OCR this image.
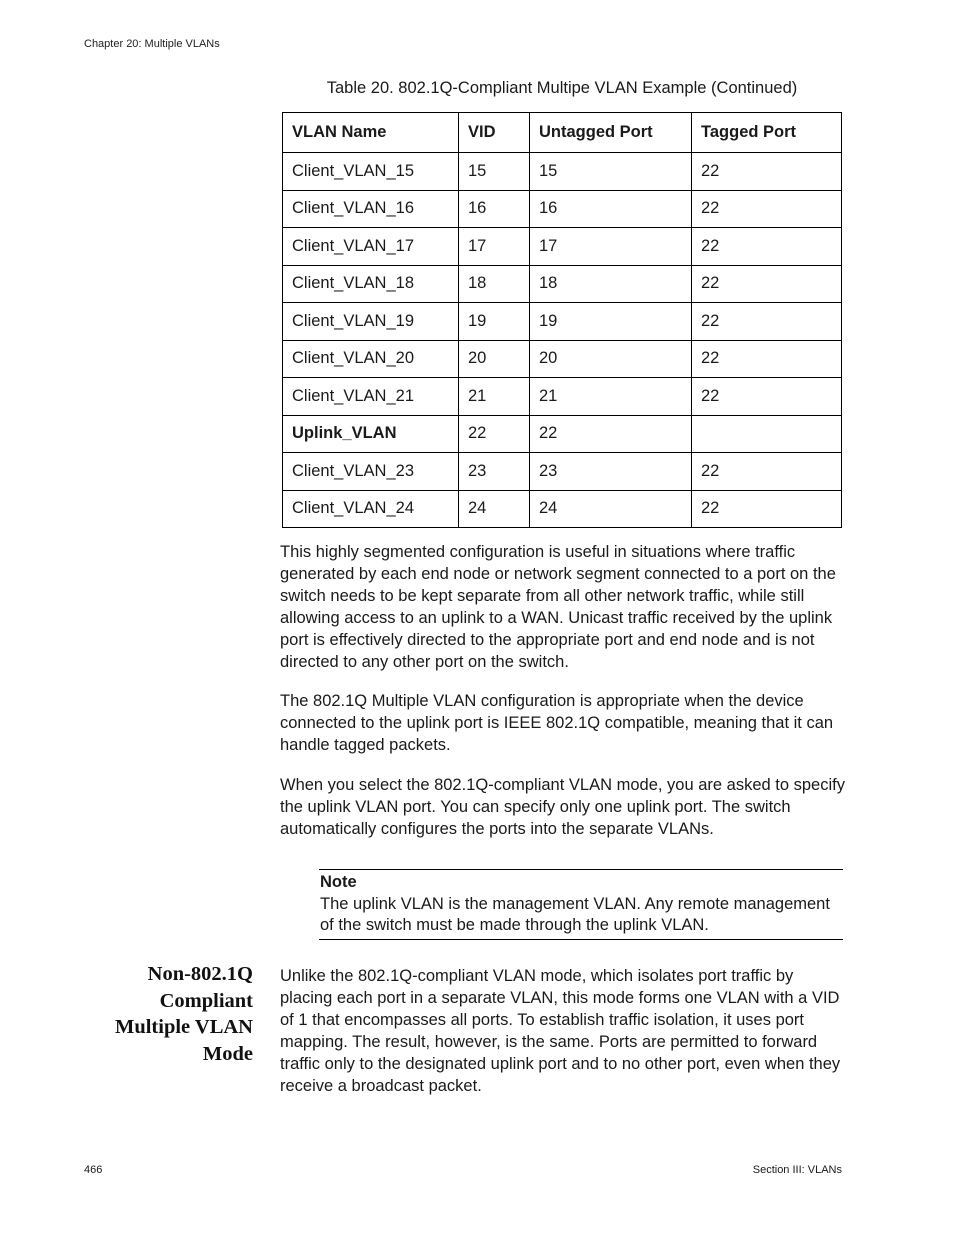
Chapter 20: Multiple VLANs
Table 20. 802.1Q-Compliant Multipe VLAN Example (Continued)
VLAN Name	VID	Untagged Port	Tagged Port
Client_VLAN_15	15	15	22
Client_VLAN_16	16	16	22
Client_VLAN_17	17	17	22
Client_VLAN_18	18	18	22
Client_VLAN_19	19	19	22
Client_VLAN_20	20	20	22
Client_VLAN_21	21	21	22
Uplink_VLAN	22	22	
Client_VLAN_23	23	23	22
Client_VLAN_24	24	24	22

This highly segmented configuration is useful in situations where traffic generated by each end node or network segment connected to a port on the switch needs to be kept separate from all other network traffic, while still allowing access to an uplink to a WAN. Unicast traffic received by the uplink port is effectively directed to the appropriate port and end node and is not directed to any other port on the switch.

The 802.1Q Multiple VLAN configuration is appropriate when the device connected to the uplink port is IEEE 802.1Q compatible, meaning that it can handle tagged packets.

When you select the 802.1Q-compliant VLAN mode, you are asked to specify the uplink VLAN port. You can specify only one uplink port. The switch automatically configures the ports into the separate VLANs.

Note
The uplink VLAN is the management VLAN. Any remote management of the switch must be made through the uplink VLAN.
Non-802.1Q
Compliant
Multiple VLAN
Mode

Unlike the 802.1Q-compliant VLAN mode, which isolates port traffic by placing each port in a separate VLAN, this mode forms one VLAN with a VID of 1 that encompasses all ports. To establish traffic isolation, it uses port mapping. The result, however, is the same. Ports are permitted to forward traffic only to the designated uplink port and to no other port, even when they receive a broadcast packet.

466	Section III: VLANs
